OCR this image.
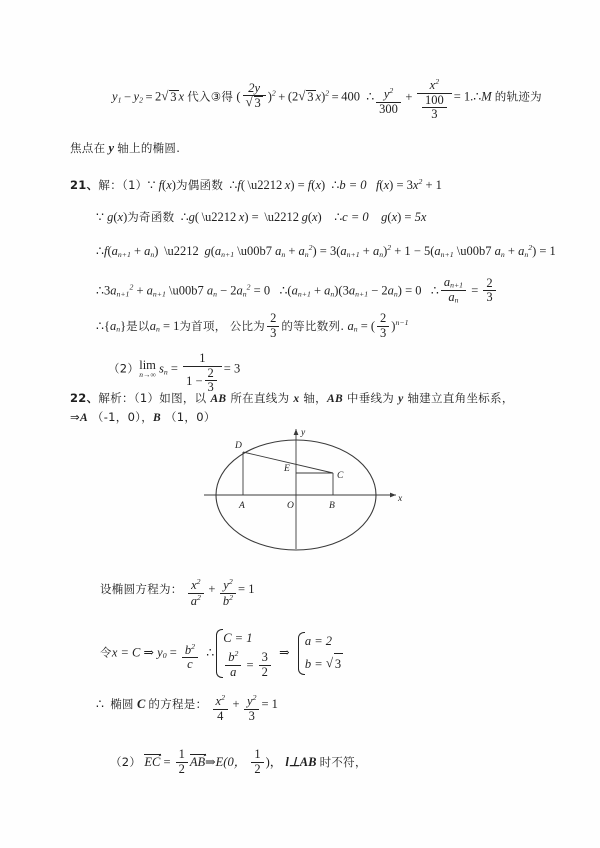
$y_1 - y_2 = 2$ √ 3 x 代入③得 ( 2y
√ 3 )$^2$ + (2 √ 3 x)$^2$ = 400 ∴ $\frac{y^2}{300} + \frac{x^2}{\frac{100}{3}}$ = 1.∴M 的轨迹为
焦点在 y 轴上的椭圆.
21、解：（1）∵ f(x)为偶函数 ∴f( \u2212 x) = f(x)  ∴b = 0 $f(x) = 3x^2 + 1$
∵ g(x)为奇函数 ∴g( \u2212 x) = \u2212 g(x)    ∴c = 0 g(x) = 5x
$\therefore f(a_{n+1} + a_n)$ \u2212 $g(a_{n+1}$ \u00b7 $a_n + a_n^2) = 3(a_{n+1} + a_n)^2 + 1 - 5(a_{n+1}$ \u00b7 $a_n + a_n^2) = 1$
$\therefore 3a_{n+1}^2 + a_{n+1}$ \u00b7 $a_n - 2a_n^2 = 0$ $\therefore(a_{n+1} + a_n)(3a_{n+1} - 2a_n) = 0$ ∴ $\frac{a_{n+1}}{a_n} = \frac{2}{3}$
$\therefore\{a_n\}$是以$a_n = 1$为首项， 公比为 $\frac{2}{3}$ 的等比数列. $a_n$ = ( $\frac{2}{3} )^{n-1}$
（2）lim
n→∞ $s_n = \frac{1}{1 - \frac{2}{3}} = 3$
22、解析：（1）如图，以 AB 所在直线为 x 轴，AB 中垂线为 y 轴建立直角坐标系，⇒A （-1，0），B （1，0）
y
x
O
A	B
C
D
E
设椭圆方程为： $\frac{x^2}{a^2} + \frac{y^2}{b^2} = 1$
令x = C ⇒ $y_0 = \frac{b^2}{c}$ ∴
C = 1
$\frac{b^2}{a} = \frac{3}{2}$ ⇒
a = 2
b = √ 3
∴ 椭圆 C 的方程是： $\frac{x^2}{4} + \frac{y^2}{3} = 1$
（2） EC = $\frac{1}{2}$ AB⇒E(0， $\frac{1}{2}$ )， l⊥AB 时不符，
